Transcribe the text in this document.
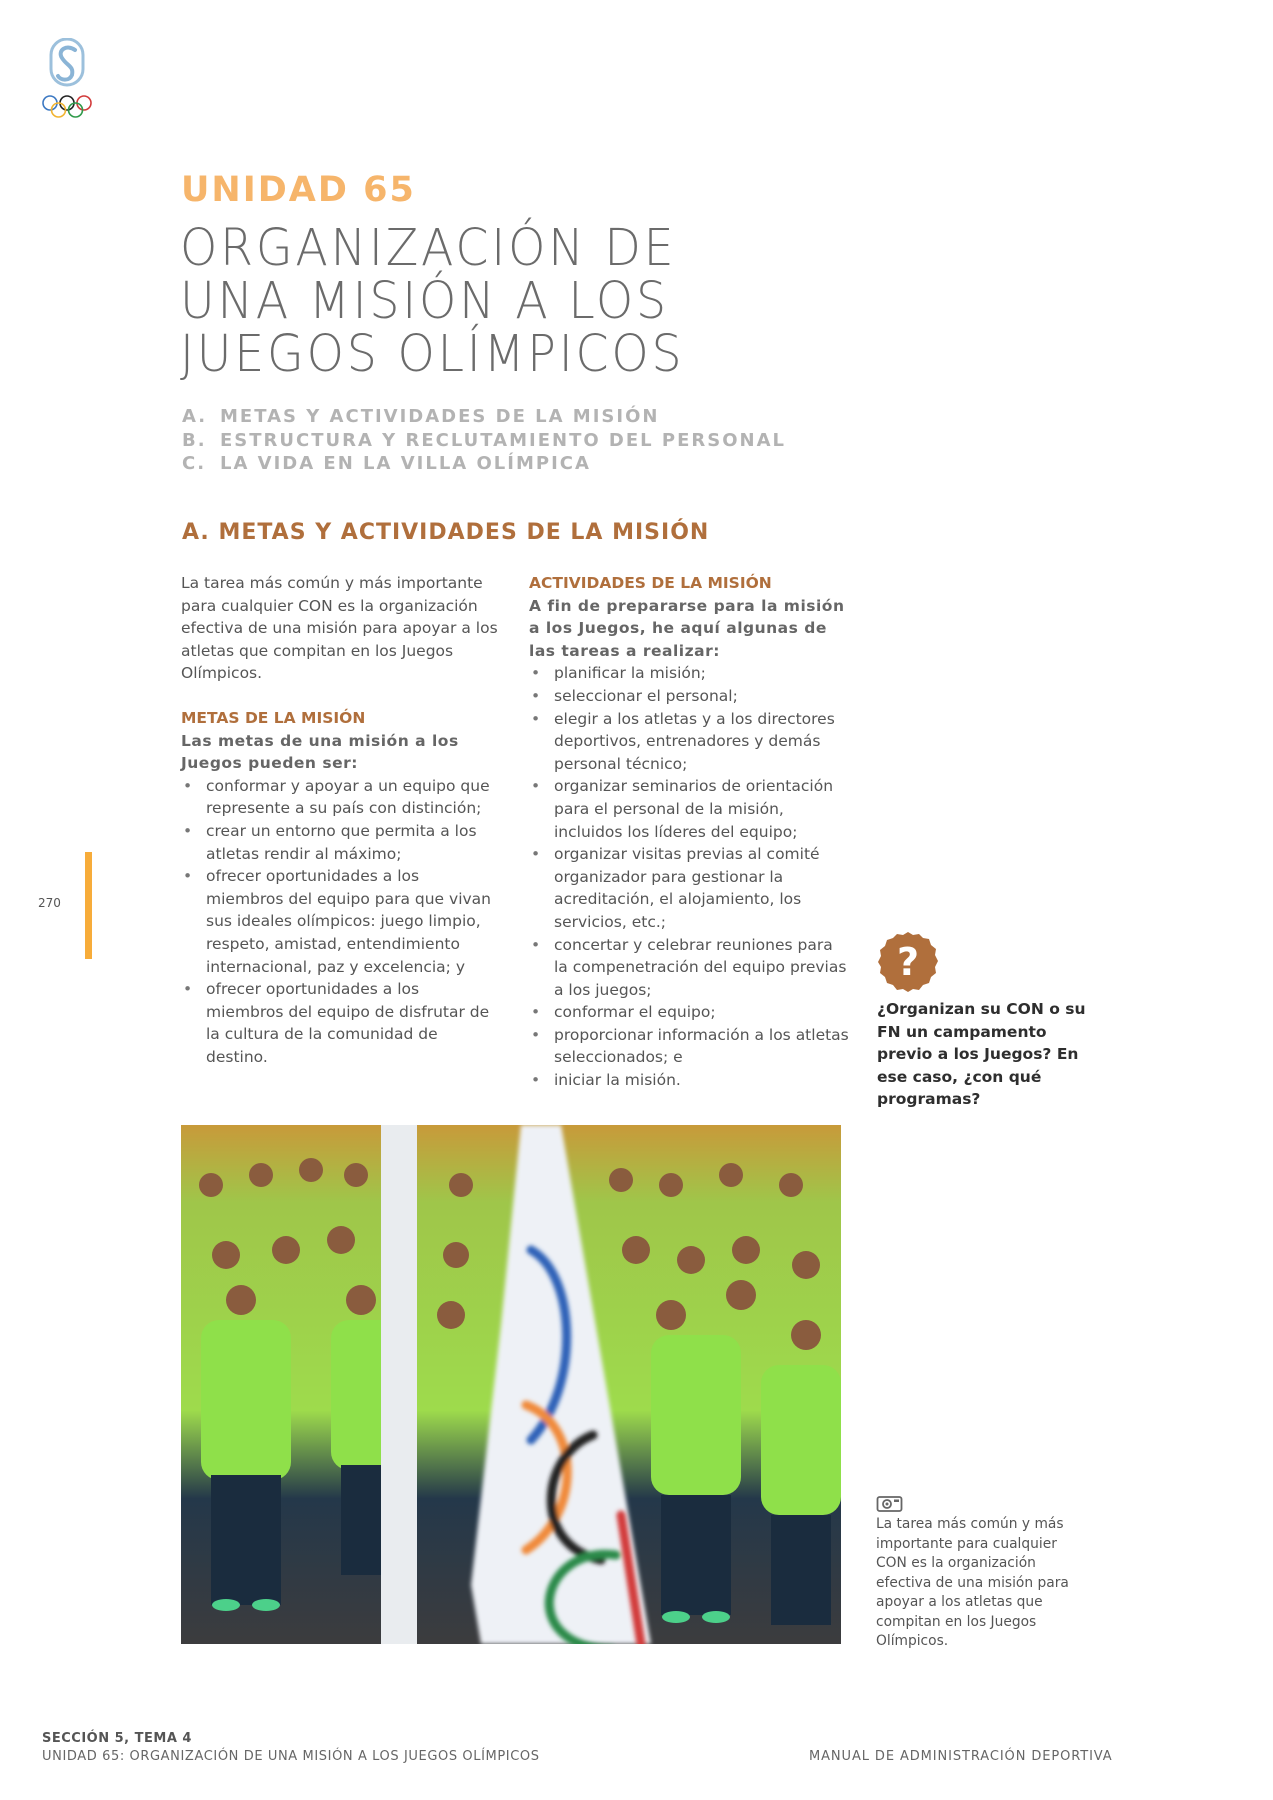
270
UNIDAD 65
ORGANIZACIÓN DE
UNA MISIÓN A LOS
JUEGOS OLÍMPICOS
A. METAS Y ACTIVIDADES DE LA MISIÓN
B. ESTRUCTURA Y RECLUTAMIENTO DEL PERSONAL
C. LA VIDA EN LA VILLA OLÍMPICA
A. METAS Y ACTIVIDADES DE LA MISIÓN

La tarea más común y más importante para cualquier CON es la organización efectiva de una misión para apoyar a los atletas que compitan en los Juegos Olímpicos.

METAS DE LA MISIÓN
Las metas de una misión a los Juegos pueden ser:
• conformar y apoyar a un equipo que represente a su país con distinción;
• crear un entorno que permita a los atletas rendir al máximo;
• ofrecer oportunidades a los miembros del equipo para que vivan sus ideales olímpicos: juego limpio, respeto, amistad, entendimiento internacional, paz y excelencia; y
• ofrecer oportunidades a los miembros del equipo de disfrutar de la cultura de la comunidad de destino.
ACTIVIDADES DE LA MISIÓN
A fin de prepararse para la misión a los Juegos, he aquí algunas de las tareas a realizar:
• planificar la misión;
• seleccionar el personal;
• elegir a los atletas y a los directores deportivos, entrenadores y demás personal técnico;
• organizar seminarios de orientación para el personal de la misión, incluidos los líderes del equipo;
• organizar visitas previas al comité organizador para gestionar la acreditación, el alojamiento, los servicios, etc.;
• concertar y celebrar reuniones para la compenetración del equipo previas a los juegos;
• conformar el equipo;
• proporcionar información a los atletas seleccionados; e
• iniciar la misión.
?
¿Organizan su CON o su FN un campamento previo a los Juegos? En ese caso, ¿con qué programas?
La tarea más común y más importante para cualquier CON es la organización efectiva de una misión para apoyar a los atletas que compitan en los Juegos Olímpicos.
SECCIÓN 5, TEMA 4
UNIDAD 65: ORGANIZACIÓN DE UNA MISIÓN A LOS JUEGOS OLÍMPICOS	MANUAL DE ADMINISTRACIÓN DEPORTIVA
